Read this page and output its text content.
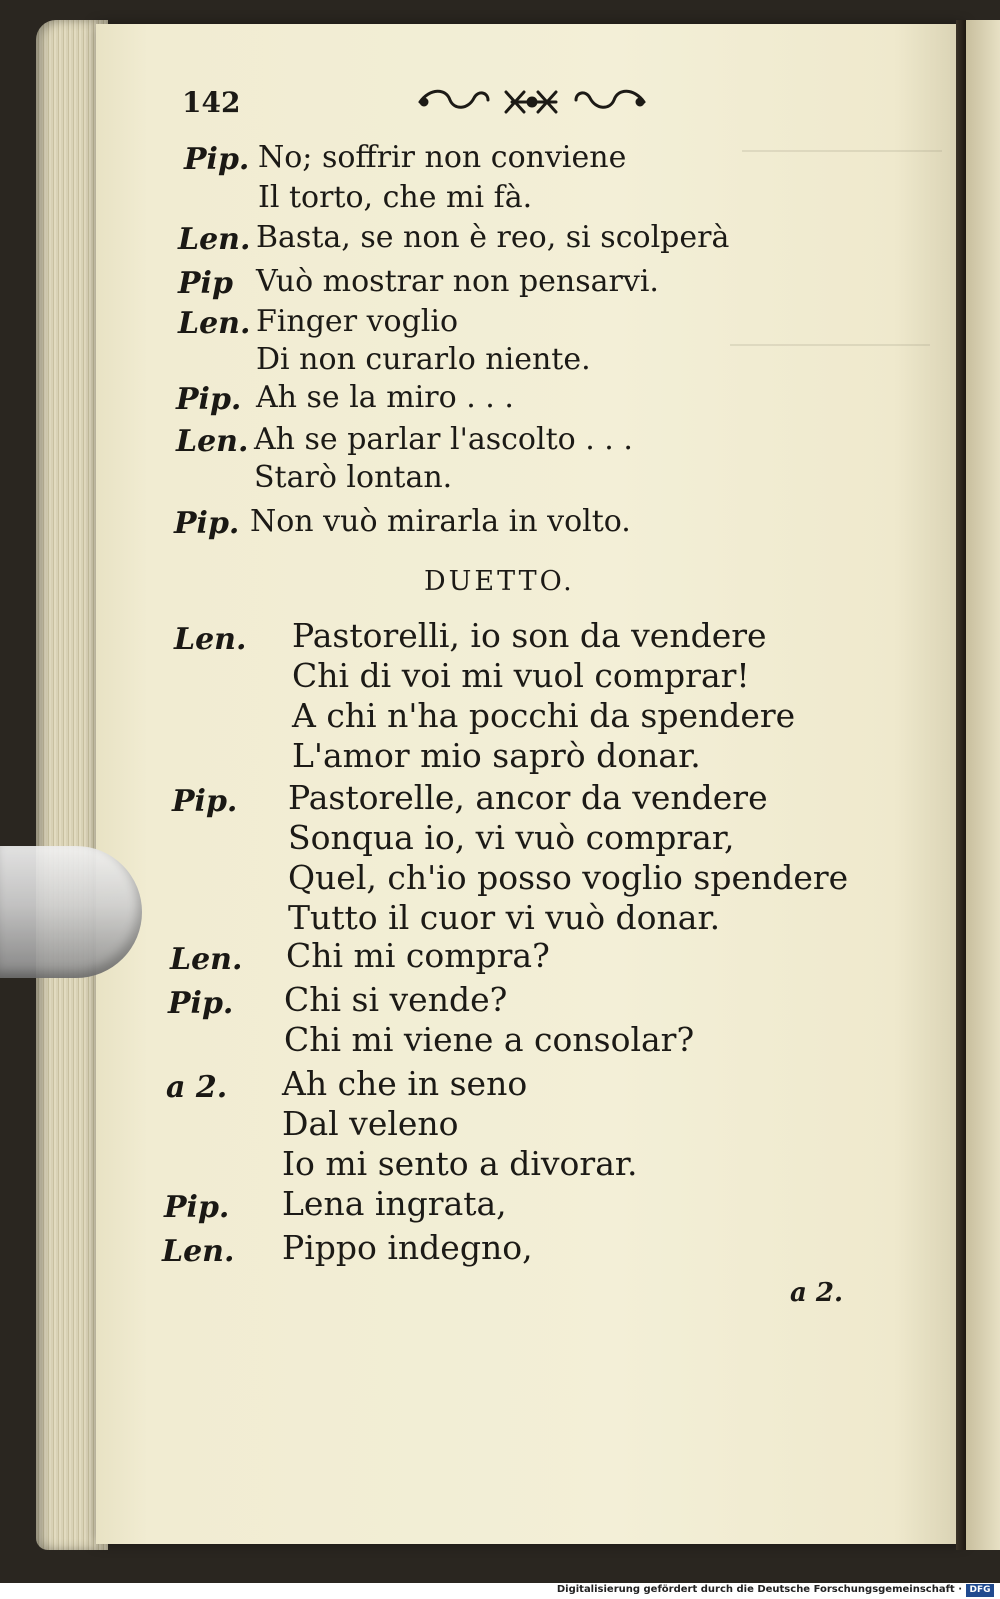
142
Pip. No; soffrir non conviene
Il torto, che mi fà.
Len. Basta, se non è reo, si scolperà
Pip Vuò mostrar non pensarvi.
Len. Finger voglio
Di non curarlo niente.
Pip. Ah se la miro . . .
Len. Ah se parlar l'ascolto . . .
Starò lontan.
Pip. Non vuò mirarla in volto.
DUETTO.
Len. Pastorelli, io son da vendere
Chi di voi mi vuol comprar!
A chi n'ha pocchi da spendere
L'amor mio saprò donar.
Pip. Pastorelle, ancor da vendere
Sonqua io, vi vuò comprar,
Quel, ch'io posso voglio spendere
Tutto il cuor vi vuò donar.
Len. Chi mi compra?
Pip. Chi si vende?
Chi mi viene a consolar?
a 2. Ah che in seno
Dal veleno
Io mi sento a divorar.
Pip. Lena ingrata,
Len. Pippo indegno,
a 2.
Digitalisierung gefördert durch die Deutsche Forschungsgemeinschaft · DFG
